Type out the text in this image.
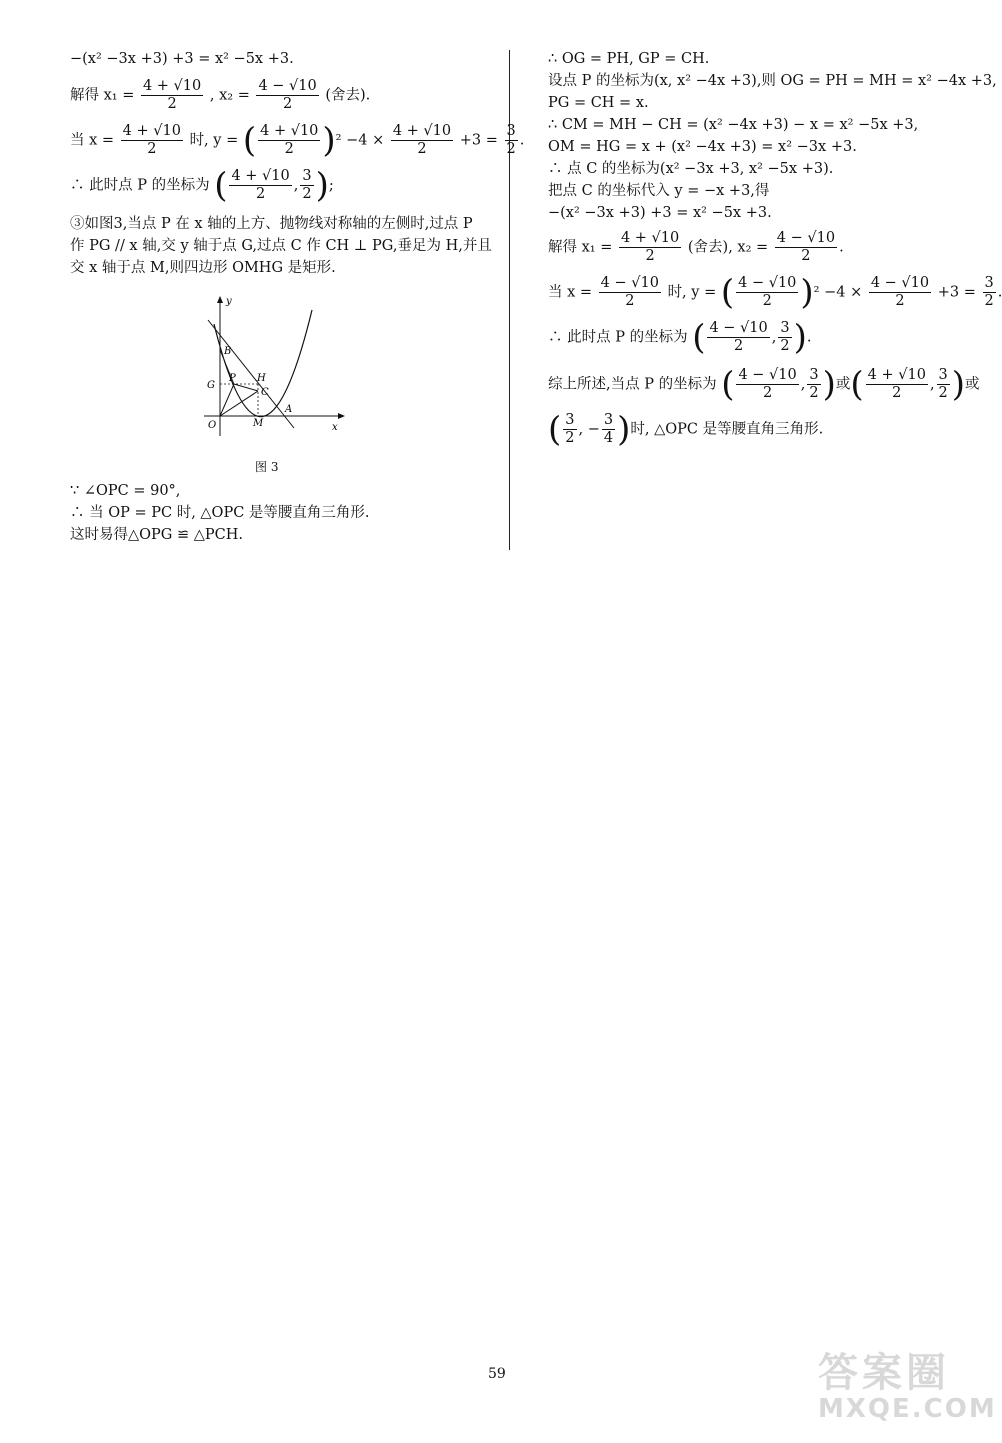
−(x² −3x +3) +3 = x² −5x +3.
解得 $x_1 = \frac{4 + √10}{2}$ , $x_2 = \frac{4 - √10}{2}$ (舍去).
当 $x = \frac{4 + √10}{2}$ 时, y = ( $\frac{4 + √10}{2} )^2 -4 \times \frac{4 + √10}{2} +3 = \frac{3}{2}$ .
∴ 此时点 P 的坐标为 ( $\frac{4 + √10}{2}$ , $\frac{3}{2}$ );
③如图3,当点 P 在 x 轴的上方、抛物线对称轴的左侧时,过点 P
作 PG // x 轴,交 y 轴于点 G,过点 C 作 CH ⊥ PG,垂足为 H,并且
交 x 轴于点 M,则四边形 OMHG 是矩形.
y
x
B
G
P H
C
O	M
A
图 3
∵ ∠OPC = 90°,
∴ 当 OP = PC 时, △OPC 是等腰直角三角形.
这时易得△OPG ≌ △PCH.
∴ OG = PH, GP = CH.
设点 P 的坐标为(x, x² −4x +3),则 OG = PH = MH = x² −4x +3,
PG = CH = x.
∴ CM = MH − CH = (x² −4x +3) − x = x² −5x +3,
OM = HG = x + (x² −4x +3) = x² −3x +3.
∴ 点 C 的坐标为(x² −3x +3, x² −5x +3).
把点 C 的坐标代入 y = −x +3,得
−(x² −3x +3) +3 = x² −5x +3.
解得 $x_1 = \frac{4 + √10}{2}$ (舍去), $x_2 = \frac{4 - √10}{2}$ .
当 $x = \frac{4 - √10}{2}$ 时, y = ( $\frac{4 - √10}{2} )^2 -4 \times \frac{4 - √10}{2} +3 = \frac{3}{2}$ .
∴ 此时点 P 的坐标为 ( $\frac{4 - √10}{2}$ , $\frac{3}{2}$ ).
综上所述,当点 P 的坐标为 ( $\frac{4 - √10}{2}$ , $\frac{3}{2}$ )或( $\frac{4 + √10}{2}$ , $\frac{3}{2}$ )或
( $\frac{3}{2}$ , − $\frac{3}{4}$ )时, △OPC 是等腰直角三角形.
59	答案圈
MXQE.COM
